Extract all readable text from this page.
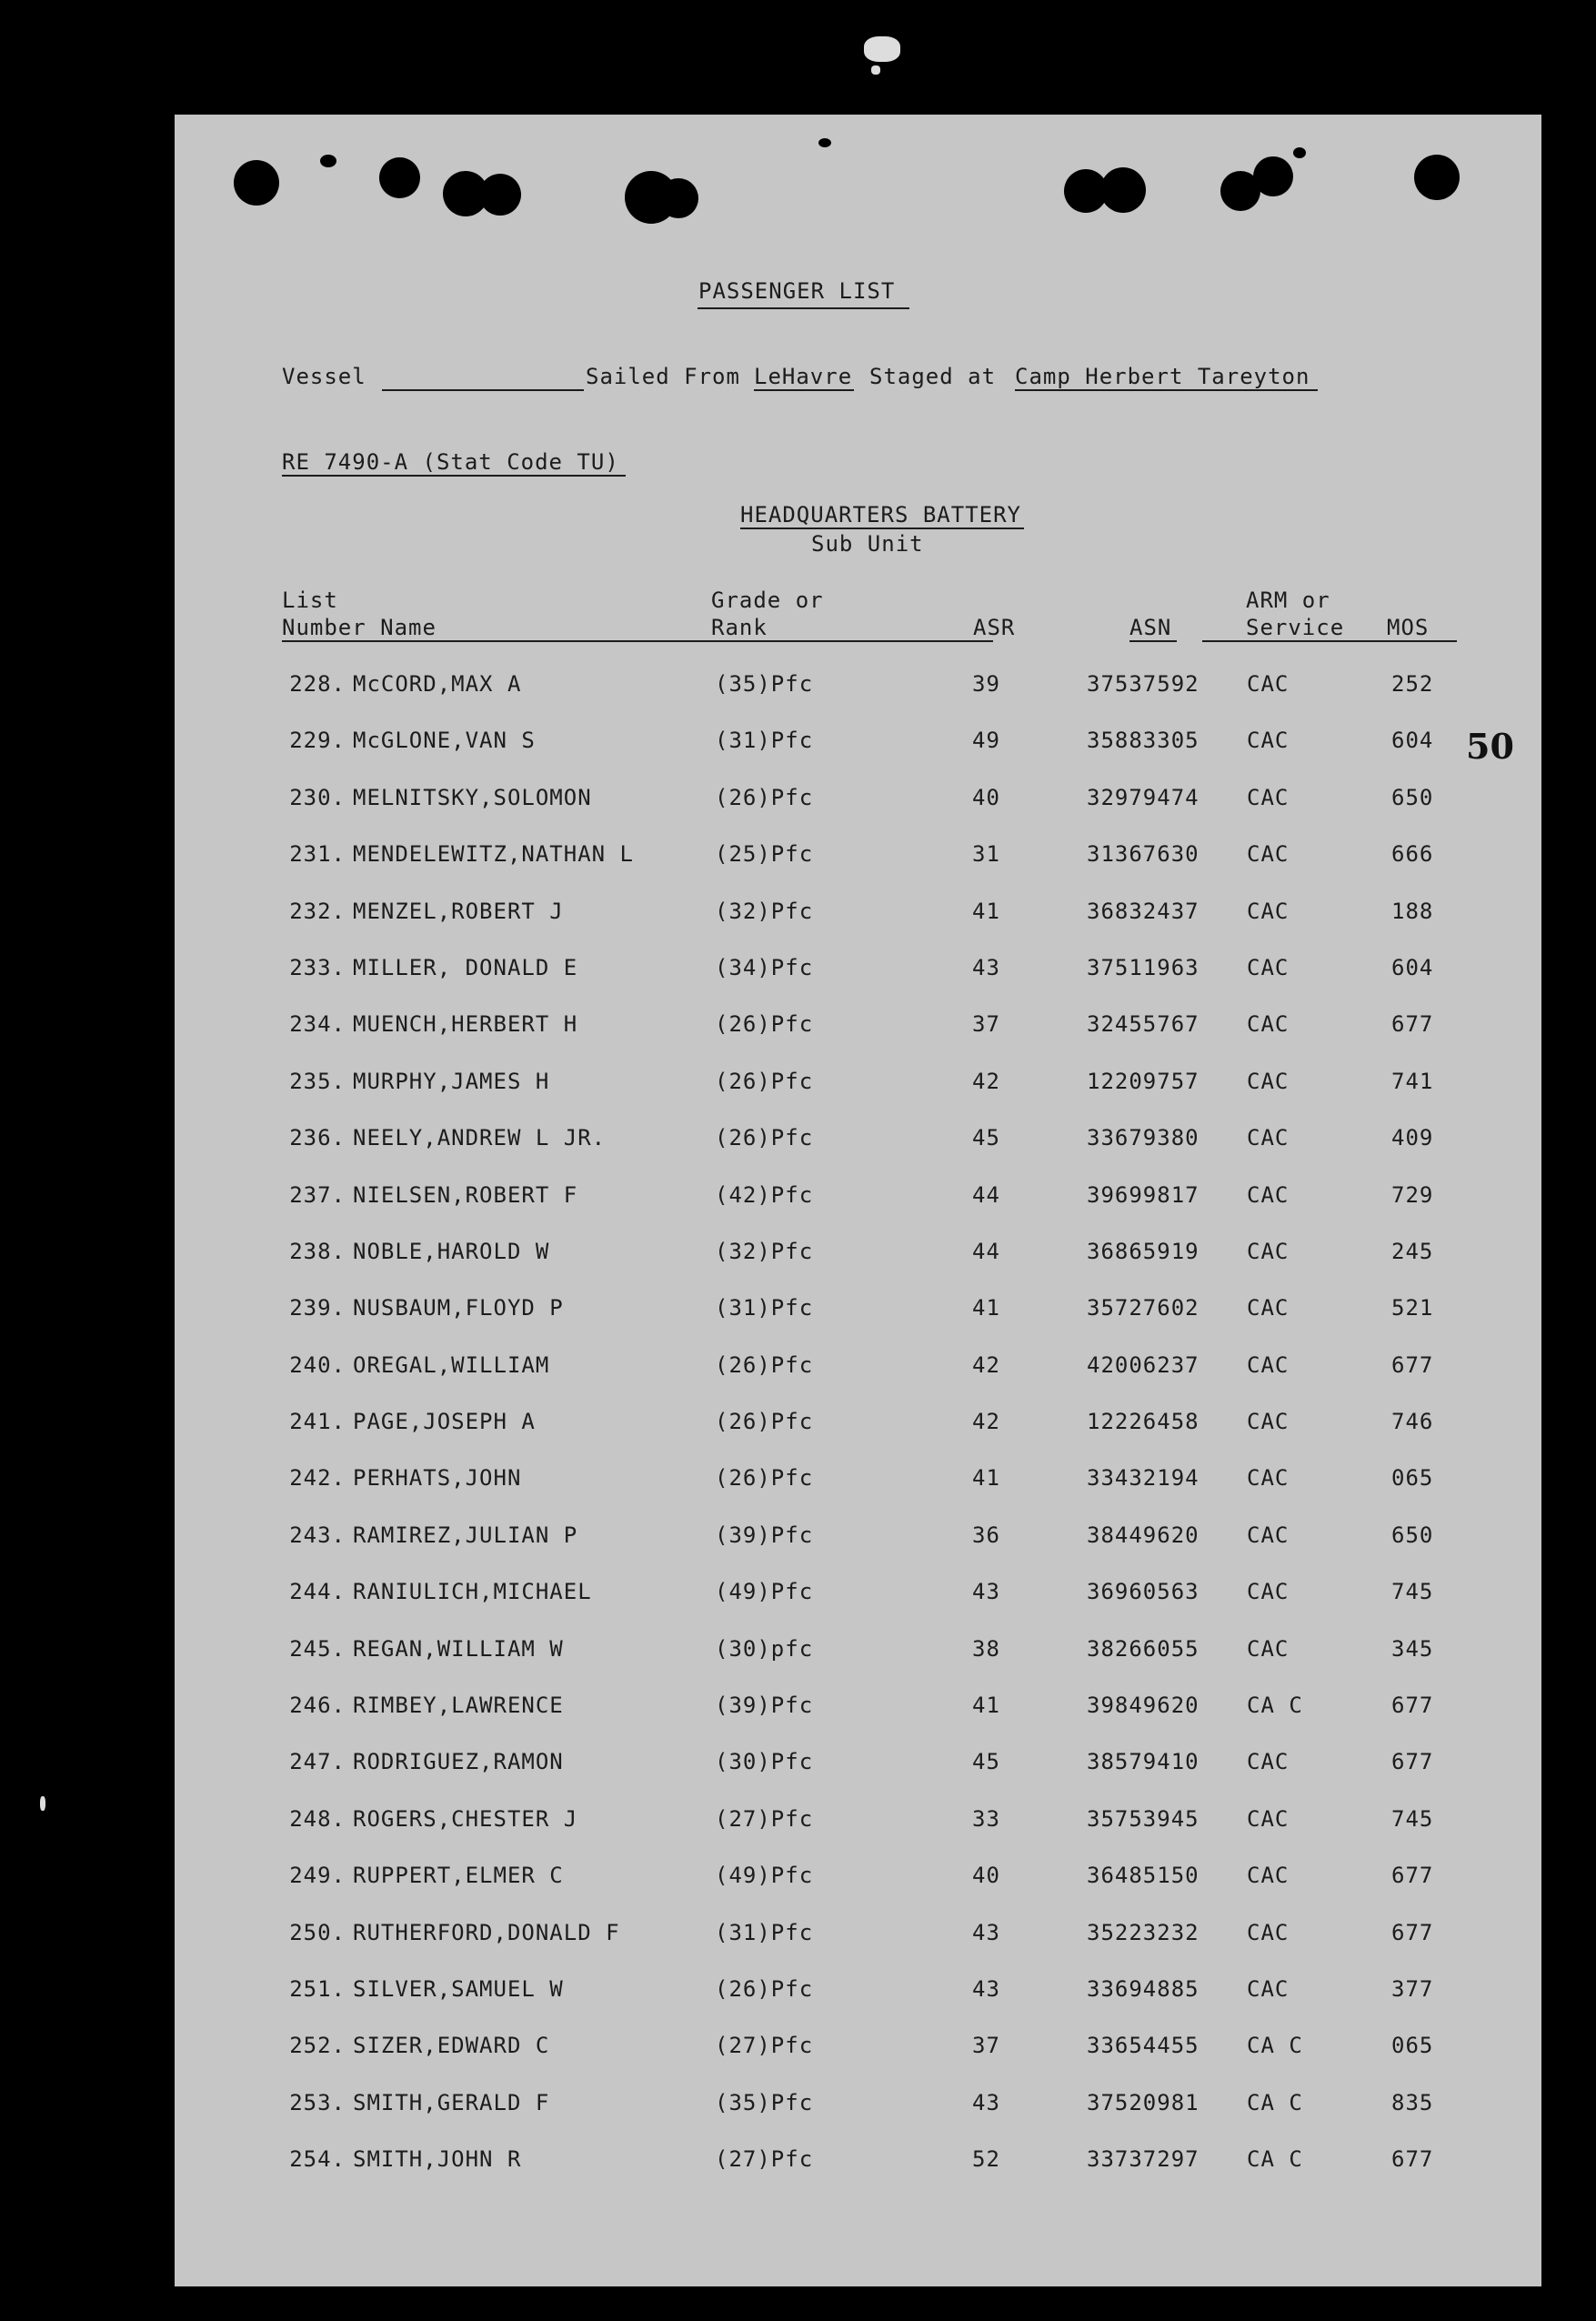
PASSENGER LIST
Vessel	Sailed From LeHavre Staged at Camp Herbert Tareyton
RE 7490-A (Stat Code TU)
HEADQUARTERS BATTERY
Sub Unit
List
Number Name
Grade or
Rank	ASR	ASN
ARM or
Service MOS
50
228. McCORD,MAX A	(35)Pfc	39	37537592 CAC	252
229. McGLONE,VAN S	(31)Pfc	49	35883305 CAC	604
230. MELNITSKY,SOLOMON	(26)Pfc	40	32979474 CAC	650
231. MENDELEWITZ,NATHAN L	(25)Pfc	31	31367630 CAC	666
232. MENZEL,ROBERT J	(32)Pfc	41	36832437 CAC	188
233. MILLER, DONALD E	(34)Pfc	43	37511963 CAC	604
234. MUENCH,HERBERT H	(26)Pfc	37	32455767 CAC	677
235. MURPHY,JAMES H	(26)Pfc	42	12209757 CAC	741
236. NEELY,ANDREW L JR.	(26)Pfc	45	33679380 CAC	409
237. NIELSEN,ROBERT F	(42)Pfc	44	39699817 CAC	729
238. NOBLE,HAROLD W	(32)Pfc	44	36865919 CAC	245
239. NUSBAUM,FLOYD P	(31)Pfc	41	35727602 CAC	521
240. OREGAL,WILLIAM	(26)Pfc	42	42006237 CAC	677
241. PAGE,JOSEPH A	(26)Pfc	42	12226458 CAC	746
242. PERHATS,JOHN	(26)Pfc	41	33432194 CAC	065
243. RAMIREZ,JULIAN P	(39)Pfc	36	38449620 CAC	650
244. RANIULICH,MICHAEL	(49)Pfc	43	36960563 CAC	745
245. REGAN,WILLIAM W	(30)pfc	38	38266055 CAC	345
246. RIMBEY,LAWRENCE	(39)Pfc	41	39849620 CA C	677
247. RODRIGUEZ,RAMON	(30)Pfc	45	38579410 CAC	677
248. ROGERS,CHESTER J	(27)Pfc	33	35753945 CAC	745
249. RUPPERT,ELMER C	(49)Pfc	40	36485150 CAC	677
250. RUTHERFORD,DONALD F	(31)Pfc	43	35223232 CAC	677
251. SILVER,SAMUEL W	(26)Pfc	43	33694885 CAC	377
252. SIZER,EDWARD C	(27)Pfc	37	33654455 CA C	065
253. SMITH,GERALD F	(35)Pfc	43	37520981 CA C	835
254. SMITH,JOHN R	(27)Pfc	52	33737297 CA C	677
